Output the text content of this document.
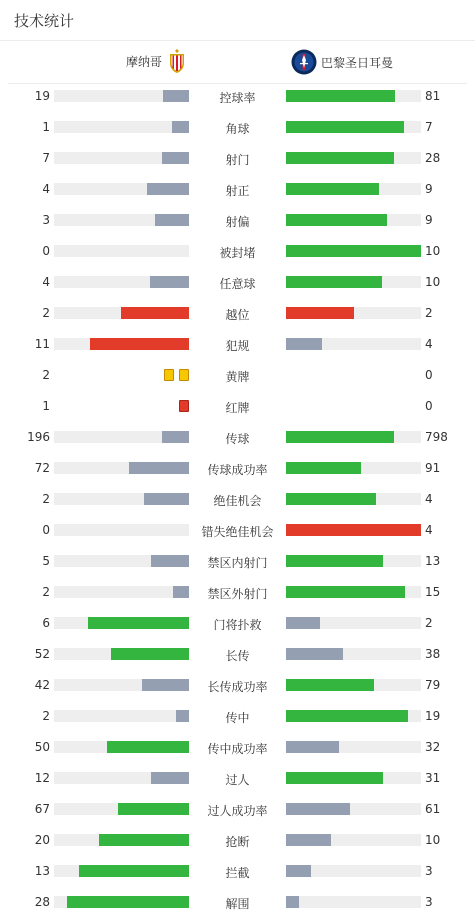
技术统计
摩纳哥	巴黎圣日耳曼
19	控球率	81
1	角球	7
7	射门	28
4	射正	9
3	射偏	9
0	被封堵	10
4	任意球	10
2	越位	2
11	犯规	4
2	黄牌	0
1	红牌	0
196	传球	798
72	传球成功率	91
2	绝佳机会	4
0	错失绝佳机会	4
5	禁区内射门	13
2	禁区外射门	15
6	门将扑救	2
52	长传	38
42	长传成功率	79
2	传中	19
50	传中成功率	32
12	过人	31
67	过人成功率	61
20	抢断	10
13	拦截	3
28	解围	3
